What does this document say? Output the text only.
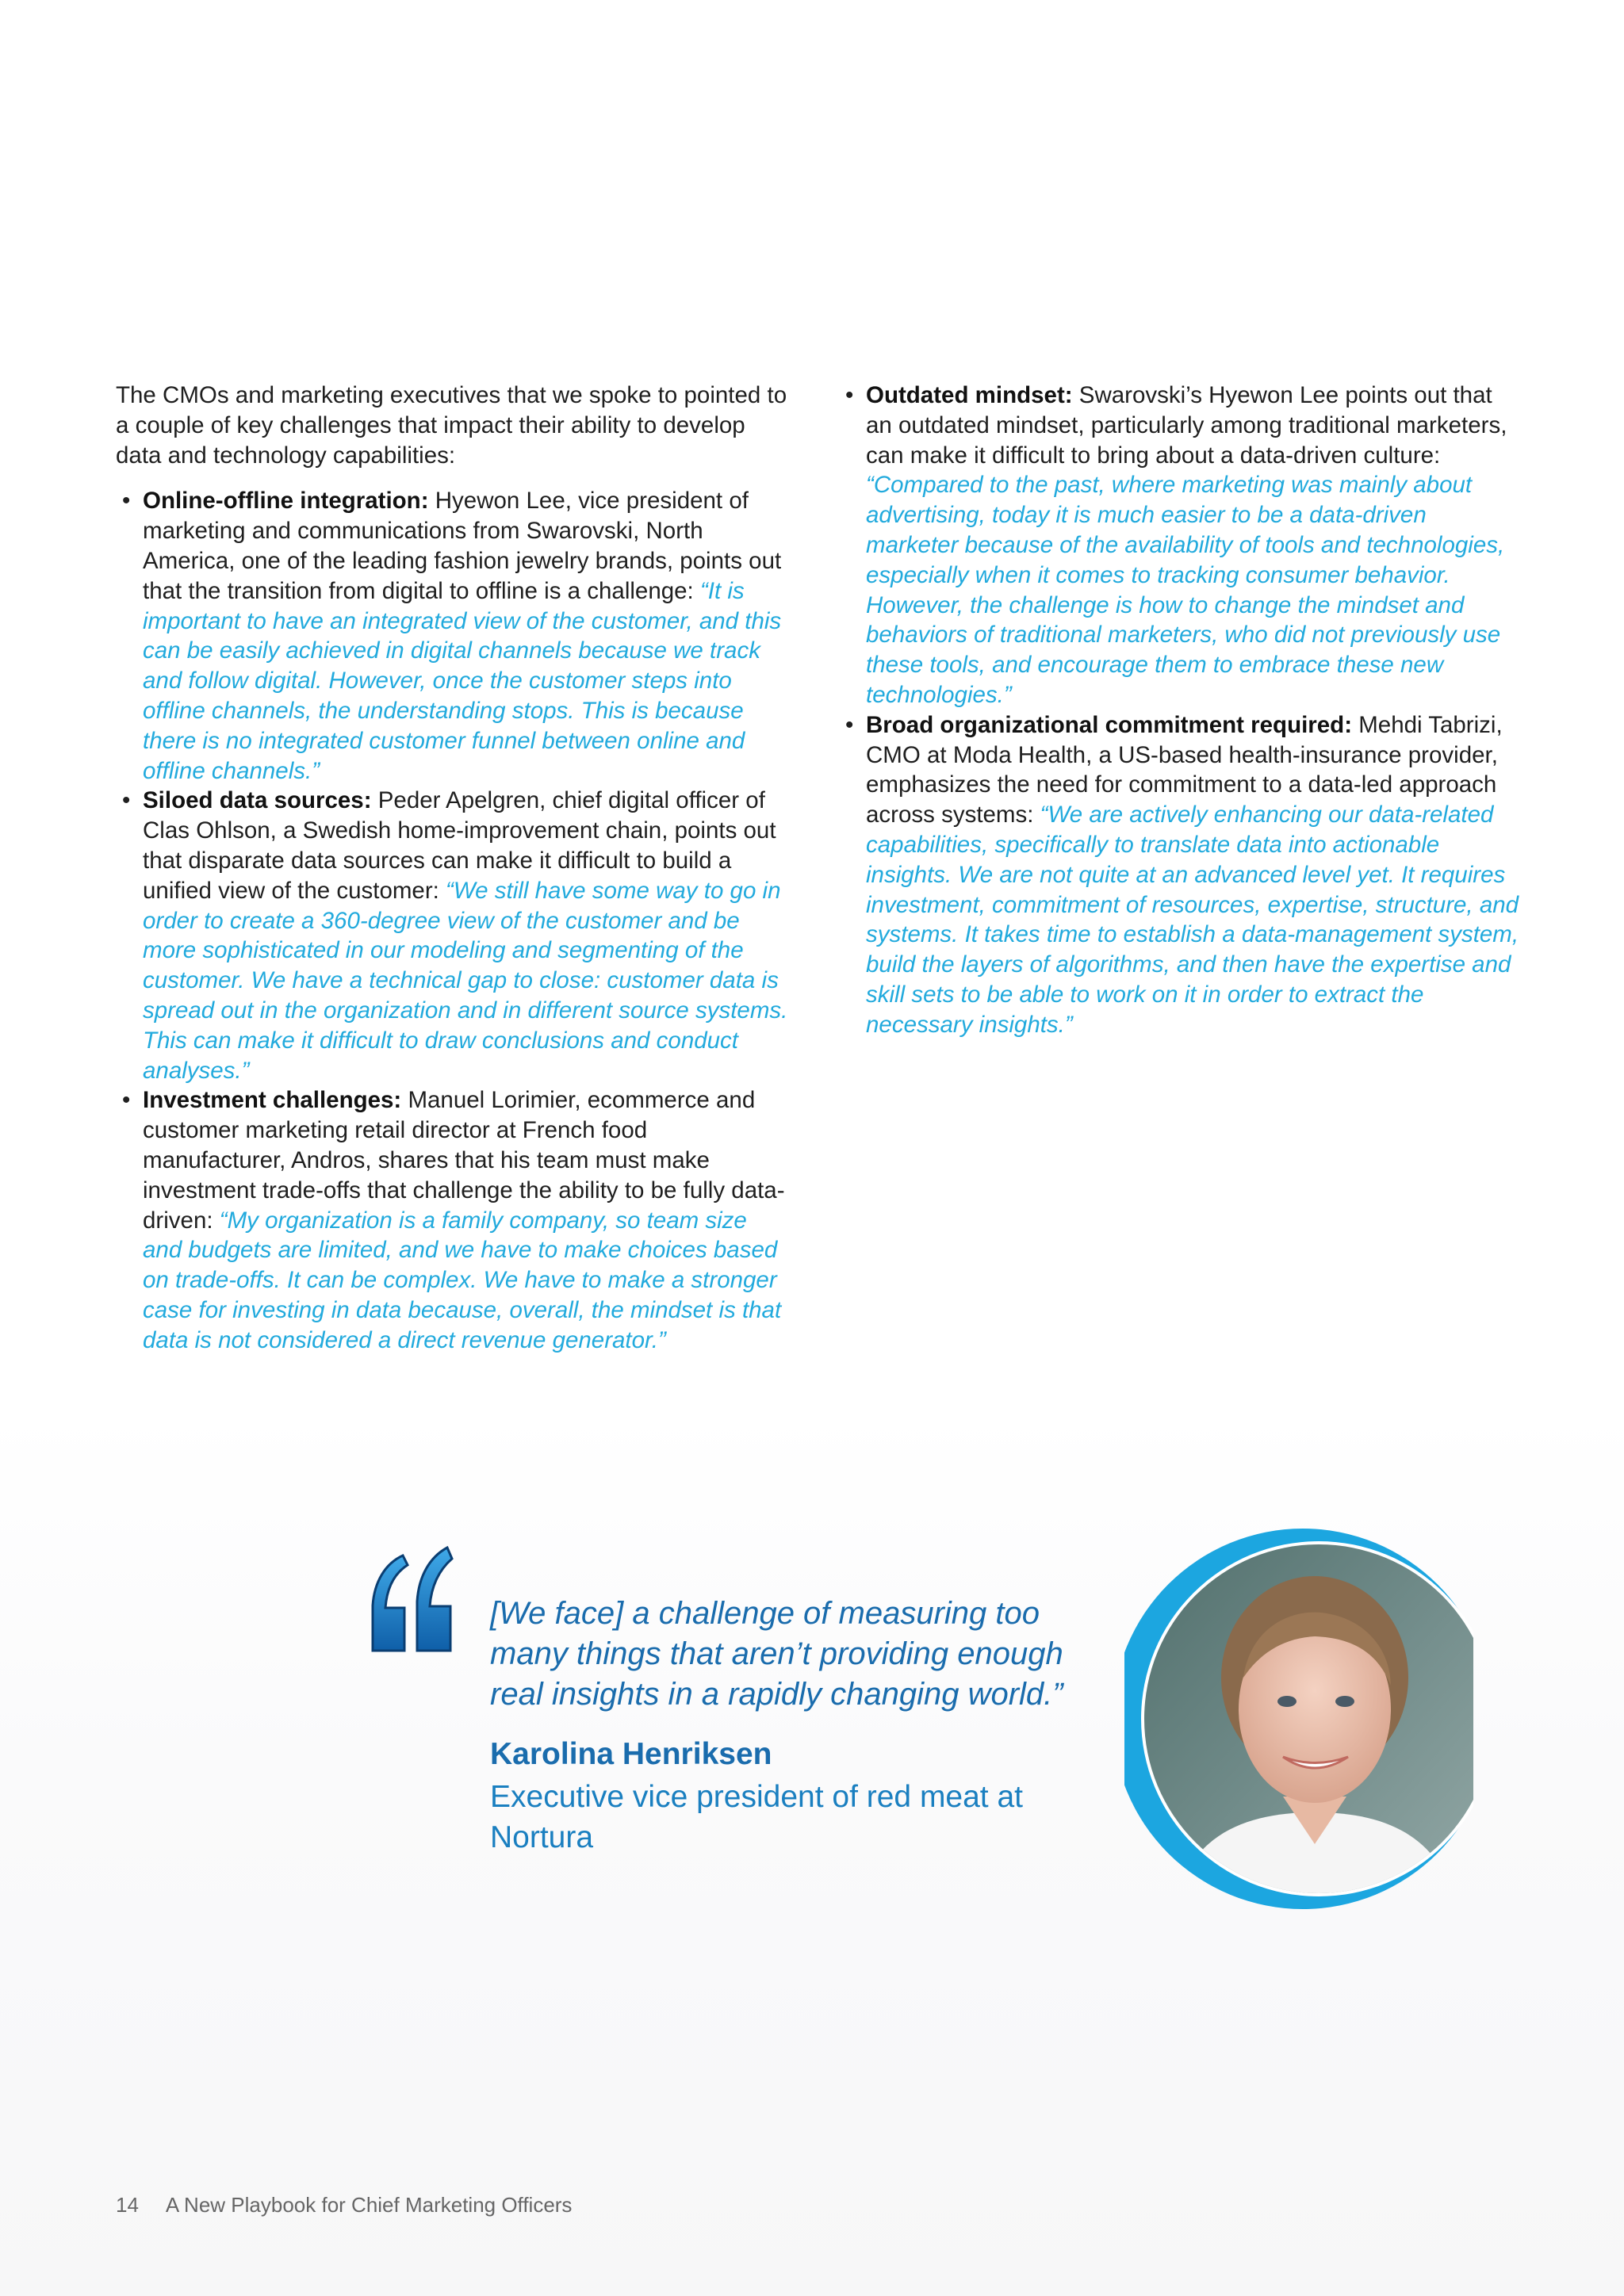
The CMOs and marketing executives that we spoke to pointed to a couple of key challenges that impact their ability to develop data and technology capabilities:

• Online-offline integration: Hyewon Lee, vice president of marketing and communications from Swarovski, North America, one of the leading fashion jewelry brands, points out that the transition from digital to offline is a challenge: “It is important to have an integrated view of the customer, and this can be easily achieved in digital channels because we track and follow digital. However, once the customer steps into offline channels, the understanding stops. This is because there is no integrated customer funnel between online and offline channels.”
• Siloed data sources: Peder Apelgren, chief digital officer of Clas Ohlson, a Swedish home-improvement chain, points out that disparate data sources can make it difficult to build a unified view of the customer: “We still have some way to go in order to create a 360-degree view of the customer and be more sophisticated in our modeling and segmenting of the customer. We have a technical gap to close: customer data is spread out in the organization and in different source systems. This can make it difficult to draw conclusions and conduct analyses.”
• Investment challenges: Manuel Lorimier, ecommerce and customer marketing retail director at French food manufacturer, Andros, shares that his team must make investment trade-offs that challenge the ability to be fully data-driven: “My organization is a family company, so team size and budgets are limited, and we have to make choices based on trade-offs. It can be complex. We have to make a stronger case for investing in data because, overall, the mindset is that data is not considered a direct revenue generator.”
• Outdated mindset: Swarovski’s Hyewon Lee points out that an outdated mindset, particularly among traditional marketers, can make it difficult to bring about a data-driven culture: “Compared to the past, where marketing was mainly about advertising, today it is much easier to be a data-driven marketer because of the availability of tools and technologies, especially when it comes to tracking consumer behavior. However, the challenge is how to change the mindset and behaviors of traditional marketers, who did not previously use these tools, and encourage them to embrace these new technologies.”
• Broad organizational commitment required: Mehdi Tabrizi, CMO at Moda Health, a US-based health-insurance provider, emphasizes the need for commitment to a data-led approach across systems: “We are actively enhancing our data-related capabilities, specifically to translate data into actionable insights. We are not quite at an advanced level yet. It requires investment, commitment of resources, expertise, structure, and systems. It takes time to establish a data-management system, build the layers of algorithms, and then have the expertise and skill sets to be able to work on it in order to extract the necessary insights.”

[We face] a challenge of measuring too many things that aren’t providing enough real insights in a rapidly changing world.”

Karolina Henriksen
Executive vice president of red meat at Nortura
14 A New Playbook for Chief Marketing Officers
